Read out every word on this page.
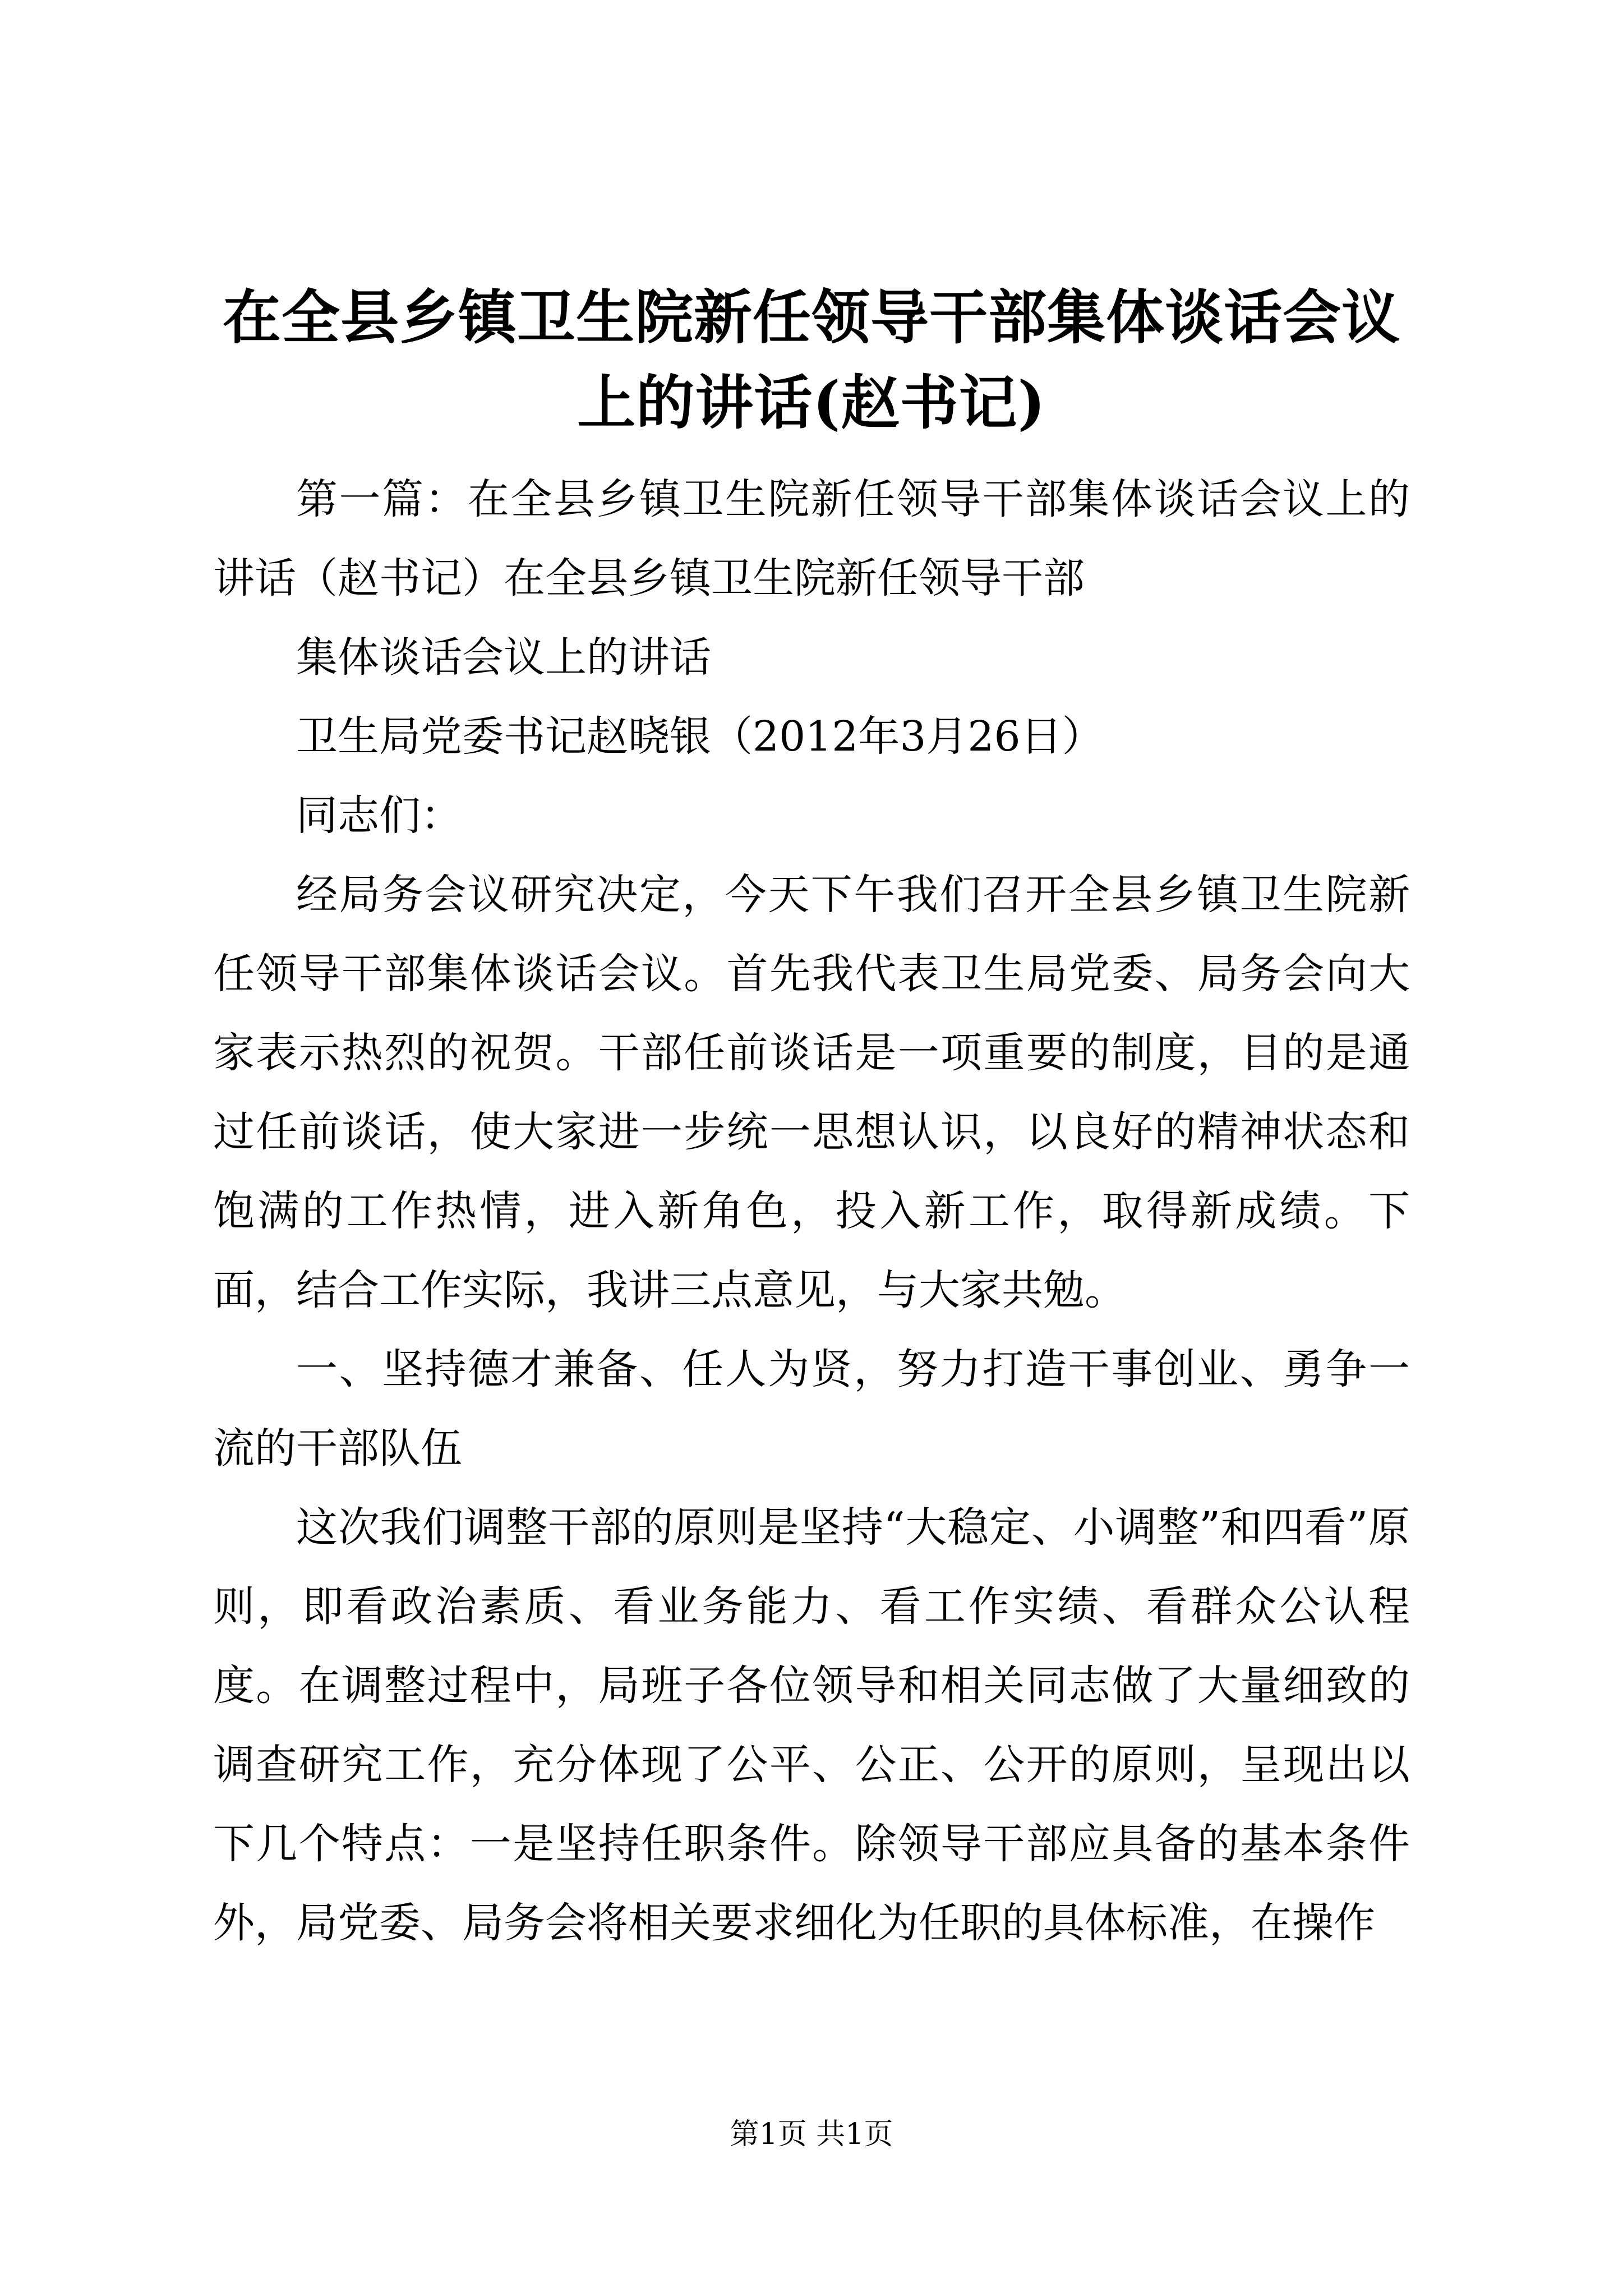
在全县乡镇卫生院新任领导干部集体谈话会议上的讲话(赵书记)

第一篇：在全县乡镇卫生院新任领导干部集体谈话会议上的讲话（赵书记）在全县乡镇卫生院新任领导干部

集体谈话会议上的讲话

卫生局党委书记赵晓银（2012年3月26日）

同志们：

经局务会议研究决定，今天下午我们召开全县乡镇卫生院新任领导干部集体谈话会议。首先我代表卫生局党委、局务会向大家表示热烈的祝贺。干部任前谈话是一项重要的制度，目的是通过任前谈话，使大家进一步统一思想认识，以良好的精神状态和饱满的工作热情，进入新角色，投入新工作，取得新成绩。下面，结合工作实际，我讲三点意见，与大家共勉。

一、坚持德才兼备、任人为贤，努力打造干事创业、勇争一流的干部队伍

这次我们调整干部的原则是坚持“大稳定、小调整”和四看”原则，即看政治素质、看业务能力、看工作实绩、看群众公认程度。在调整过程中，局班子各位领导和相关同志做了大量细致的调查研究工作，充分体现了公平、公正、公开的原则，呈现出以下几个特点：一是坚持任职条件。除领导干部应具备的基本条件外，局党委、局务会将相关要求细化为任职的具体标准，在操作

第1页 共1页
